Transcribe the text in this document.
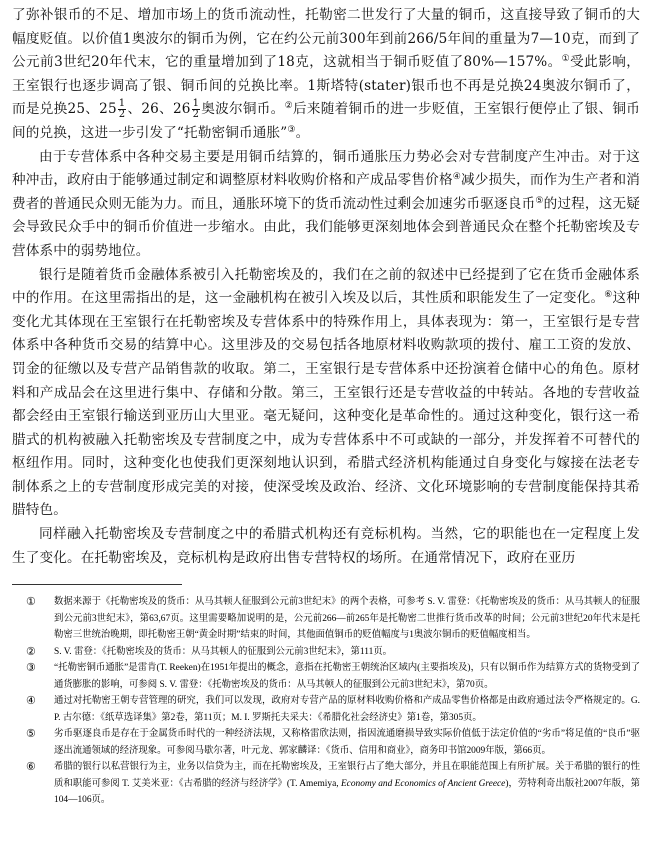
了弥补银币的不足、增加市场上的货币流动性，托勒密二世发行了大量的铜币，这直接导致了铜币的大幅度贬值。以价值1奥波尔的铜币为例，它在约公元前300年到前266/5年间的重量为7—10克，而到了公元前3世纪20年代末，它的重量增加到了18克，这就相当于铜币贬值了80%—157%。①受此影响，王室银行也逐步调高了银、铜币间的兑换比率。1斯塔特(stater)银币也不再是兑换24奥波尔铜币了，而是兑换25、$25 \frac{1}{2}$ 、26、$26 \frac{1}{2}$ 奥波尔铜币。②后来随着铜币的进一步贬值，王室银行便停止了银、铜币间的兑换，这进一步引发了“托勒密铜币通胀”③。

由于专营体系中各种交易主要是用铜币结算的，铜币通胀压力势必会对专营制度产生冲击。对于这种冲击，政府由于能够通过制定和调整原材料收购价格和产成品零售价格④减少损失，而作为生产者和消费者的普通民众则无能为力。而且，通胀环境下的货币流动性过剩会加速劣币驱逐良币⑤的过程，这无疑会导致民众手中的铜币价值进一步缩水。由此，我们能够更深刻地体会到普通民众在整个托勒密埃及专营体系中的弱势地位。

银行是随着货币金融体系被引入托勒密埃及的，我们在之前的叙述中已经提到了它在货币金融体系中的作用。在这里需指出的是，这一金融机构在被引入埃及以后，其性质和职能发生了一定变化。⑥这种变化尤其体现在王室银行在托勒密埃及专营体系中的特殊作用上，具体表现为：第一，王室银行是专营体系中各种货币交易的结算中心。这里涉及的交易包括各地原材料收购款项的拨付、雇工工资的发放、罚金的征缴以及专营产品销售款的收取。第二，王室银行是专营体系中还扮演着仓储中心的角色。原材料和产成品会在这里进行集中、存储和分散。第三，王室银行还是专营收益的中转站。各地的专营收益都会经由王室银行输送到亚历山大里亚。毫无疑问，这种变化是革命性的。通过这种变化，银行这一希腊式的机构被融入托勒密埃及专营制度之中，成为专营体系中不可或缺的一部分，并发挥着不可替代的枢纽作用。同时，这种变化也使我们更深刻地认识到，希腊式经济机构能通过自身变化与嫁接在法老专制体系之上的专营制度形成完美的对接，使深受埃及政治、经济、文化环境影响的专营制度能保持其希腊特色。

同样融入托勒密埃及专营制度之中的希腊式机构还有竞标机构。当然，它的职能也在一定程度上发生了变化。在托勒密埃及，竞标机构是政府出售专营特权的场所。在通常情况下，政府在亚历

① 数据来源于《托勒密埃及的货币：从马其顿人征服到公元前3世纪末》的两个表格，可参考 S. V. 雷登：《托勒密埃及的货币：从马其顿人的征服到公元前3世纪末》，第63,67页。这里需要略加说明的是，公元前266—前265年是托勒密二世推行货币改革的时间；公元前3世纪20年代末是托勒密三世统治晚期，即托勒密王朝“黄金时期”结束的时间，其他面值铜币的贬值幅度与1奥波尔铜币的贬值幅度相当。
② S. V. 雷登：《托勒密埃及的货币：从马其顿人的征服到公元前3世纪末》，第111页。
③ “托勒密铜币通胀”是雷肯(T. Reeken)在1951年提出的概念，意指在托勒密王朝统治区域内(主要指埃及)，只有以铜币作为结算方式的货物受到了通货膨胀的影响，可参阅 S. V. 雷登：《托勒密埃及的货币：从马其顿人的征服到公元前3世纪末》，第70页。
④ 通过对托勒密王朝专营管理的研究，我们可以发现，政府对专营产品的原材料收购价格和产成品零售价格都是由政府通过法令严格规定的。G. P. 古尔德：《纸草选译集》第2卷，第11页；M. I. 罗斯托夫采夫：《希腊化社会经济史》第1卷，第305页。
⑤ 劣币驱逐良币是存在于金属货币时代的一种经济法规，又称格雷欣法则，指因流通磨损导致实际价值低于法定价值的“劣币”将足值的“良币”驱逐出流通领域的经济现象。可参阅马歇尔著，叶元龙、郭家麟译：《货币、信用和商业》，商务印书馆2009年版，第66页。
⑥ 希腊的银行以私营银行为主，业务以信贷为主，而在托勒密埃及，王室银行占了绝大部分，并且在职能范围上有所扩展。关于希腊的银行的性质和职能可参阅 T. 艾美米亚：《古希腊的经济与经济学》(T. Amemiya, Economy and Economics of Ancient Greece)，劳特利奇出版社2007年版，第104—106页。
